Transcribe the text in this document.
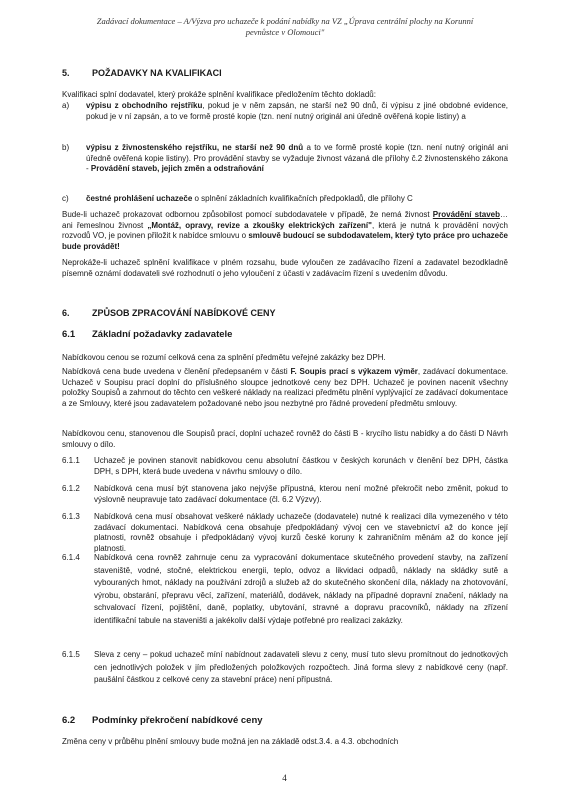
Zadávací dokumentace – A/Výzva pro uchazeče k podání nabídky na VZ „Úprava centrální plochy na Korunní
pevnůstce v Olomouci"
5. POŽADAVKY NA KVALIFIKACI
Kvalifikaci splní dodavatel, který prokáže splnění kvalifikace předložením těchto dokladů:
a)	výpisu z obchodního rejstříku, pokud je v něm zapsán, ne starší než 90 dnů, či výpisu z jiné obdobné evidence, pokud je v ní zapsán, a to ve formě prosté kopie (tzn. není nutný originál ani úředně ověřená kopie listiny) a
b)	výpisu z živnostenského rejstříku, ne starší než 90 dnů a to ve formě prosté kopie (tzn. není nutný originál ani úředně ověřená kopie listiny). Pro provádění stavby se vyžaduje živnost vázaná dle přílohy č.2 živnostenského zákona - Provádění staveb, jejich změn a odstraňování
c)	čestné prohlášení uchazeče o splnění základních kvalifikačních předpokladů, dle přílohy C
Bude-li uchazeč prokazovat odbornou způsobilost pomocí subdodavatele v případě, že nemá živnost Provádění staveb… ani řemeslnou živnost „Montáž, opravy, revize a zkoušky elektrických zařízení", která je nutná k provádění nových rozvodů VO, je povinen přiložit k nabídce smlouvu o smlouvě budoucí se subdodavatelem, který tyto práce pro uchazeče bude provádět!
Neprokáže-li uchazeč splnění kvalifikace v plném rozsahu, bude vyloučen ze zadávacího řízení a zadavatel bezodkladně písemně oznámí dodavateli své rozhodnutí o jeho vyloučení z účasti v zadávacím řízení s uvedením důvodu.
6. ZPŮSOB ZPRACOVÁNÍ NABÍDKOVÉ CENY
6.1 Základní požadavky zadavatele
Nabídkovou cenou se rozumí celková cena za splnění předmětu veřejné zakázky bez DPH.
Nabídková cena bude uvedena v členění předepsaném v části F. Soupis prací s výkazem výměr, zadávací dokumentace. Uchazeč v Soupisu prací doplní do příslušného sloupce jednotkové ceny bez DPH. Uchazeč je povinen nacenit všechny položky Soupisů a zahrnout do těchto cen veškeré náklady na realizaci předmětu plnění vyplývající ze zadávací dokumentace a ze Smlouvy, které jsou zadavatelem požadované nebo jsou nezbytné pro řádné provedení předmětu smlouvy.
Nabídkovou cenu, stanovenou dle Soupisů prací, doplní uchazeč rovněž do části B - krycího listu nabídky a do části D Návrh smlouvy o dílo.
6.1.1	Uchazeč je povinen stanovit nabídkovou cenu absolutní částkou v českých korunách v členění bez DPH, částka DPH, s DPH, která bude uvedena v návrhu smlouvy o dílo.
6.1.2	Nabídková cena musí být stanovena jako nejvýše přípustná, kterou není možné překročit nebo změnit, pokud to výslovně neupravuje tato zadávací dokumentace (čl. 6.2 Výzvy).
6.1.3	Nabídková cena musí obsahovat veškeré náklady uchazeče (dodavatele) nutné k realizaci díla vymezeného v této zadávací dokumentaci. Nabídková cena obsahuje předpokládaný vývoj cen ve stavebnictví až do konce její platnosti, rovněž obsahuje i předpokládaný vývoj kurzů české koruny k zahraničním měnám až do konce její platnosti.
6.1.4	Nabídková cena rovněž zahrnuje cenu za vypracování dokumentace skutečného provedení stavby, na zařízení staveniště, vodné, stočné, elektrickou energii, teplo, odvoz a likvidaci odpadů, náklady na skládky sutě a vybouraných hmot, náklady na používání zdrojů a služeb až do skutečného skončení díla, náklady na zhotovování, výrobu, obstarání, přepravu věcí, zařízení, materiálů, dodávek, náklady na případné dopravní značení, náklady na schvalovací řízení, pojištění, daně, poplatky, ubytování, stravné a dopravu pracovníků, náklady na zřízení identifikační tabule na staveništi a jakékoliv další výdaje potřebné pro realizaci zakázky.
6.1.5	Sleva z ceny – pokud uchazeč míní nabídnout zadavateli slevu z ceny, musí tuto slevu promítnout do jednotkových cen jednotlivých položek v jím předložených položkových rozpočtech. Jiná forma slevy z nabídkové ceny (např. paušální částkou z celkové ceny za stavební práce) není přípustná.
6.2 Podmínky překročení nabídkové ceny
Změna ceny v průběhu plnění smlouvy bude možná jen na základě odst.3.4. a 4.3. obchodních
4
